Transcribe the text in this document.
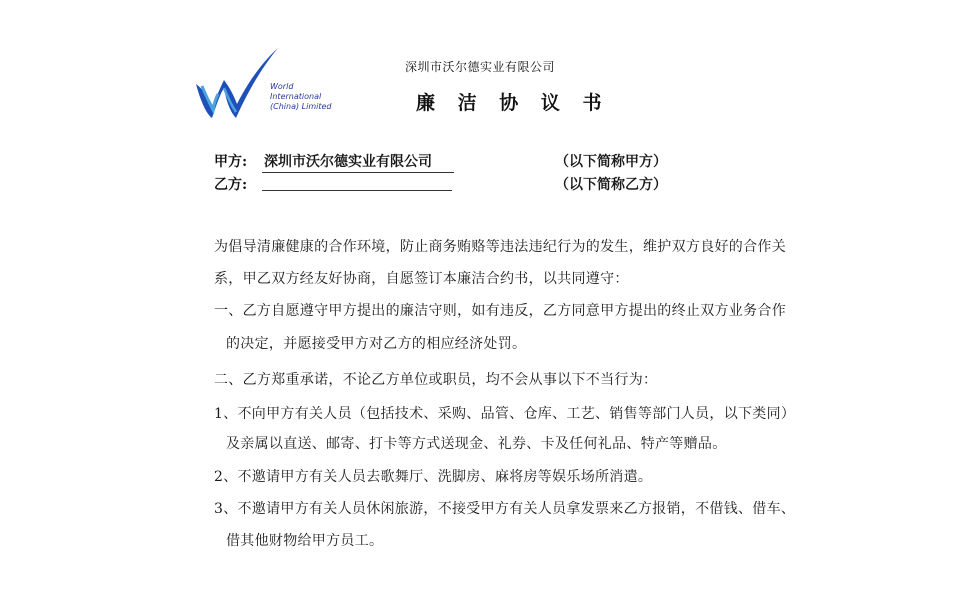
World
International
(China) Limited
深圳市沃尔德实业有限公司
廉 洁 协 议 书
甲方: 深圳市沃尔德实业有限公司	（以下简称甲方）
乙方:	（以下简称乙方）
为倡导清廉健康的合作环境，防止商务贿赂等违法违纪行为的发生，维护双方良好的合作关
系，甲乙双方经友好协商，自愿签订本廉洁合约书，以共同遵守：
一、乙方自愿遵守甲方提出的廉洁守则，如有违反，乙方同意甲方提出的终止双方业务合作
的决定，并愿接受甲方对乙方的相应经济处罚。
二、乙方郑重承诺，不论乙方单位或职员，均不会从事以下不当行为：
1、不向甲方有关人员（包括技术、采购、品管、仓库、工艺、销售等部门人员，以下类同）
及亲属以直送、邮寄、打卡等方式送现金、礼券、卡及任何礼品、特产等赠品。
2、不邀请甲方有关人员去歌舞厅、洗脚房、麻将房等娱乐场所消遣。
3、不邀请甲方有关人员休闲旅游，不接受甲方有关人员拿发票来乙方报销，不借钱、借车、
借其他财物给甲方员工。
